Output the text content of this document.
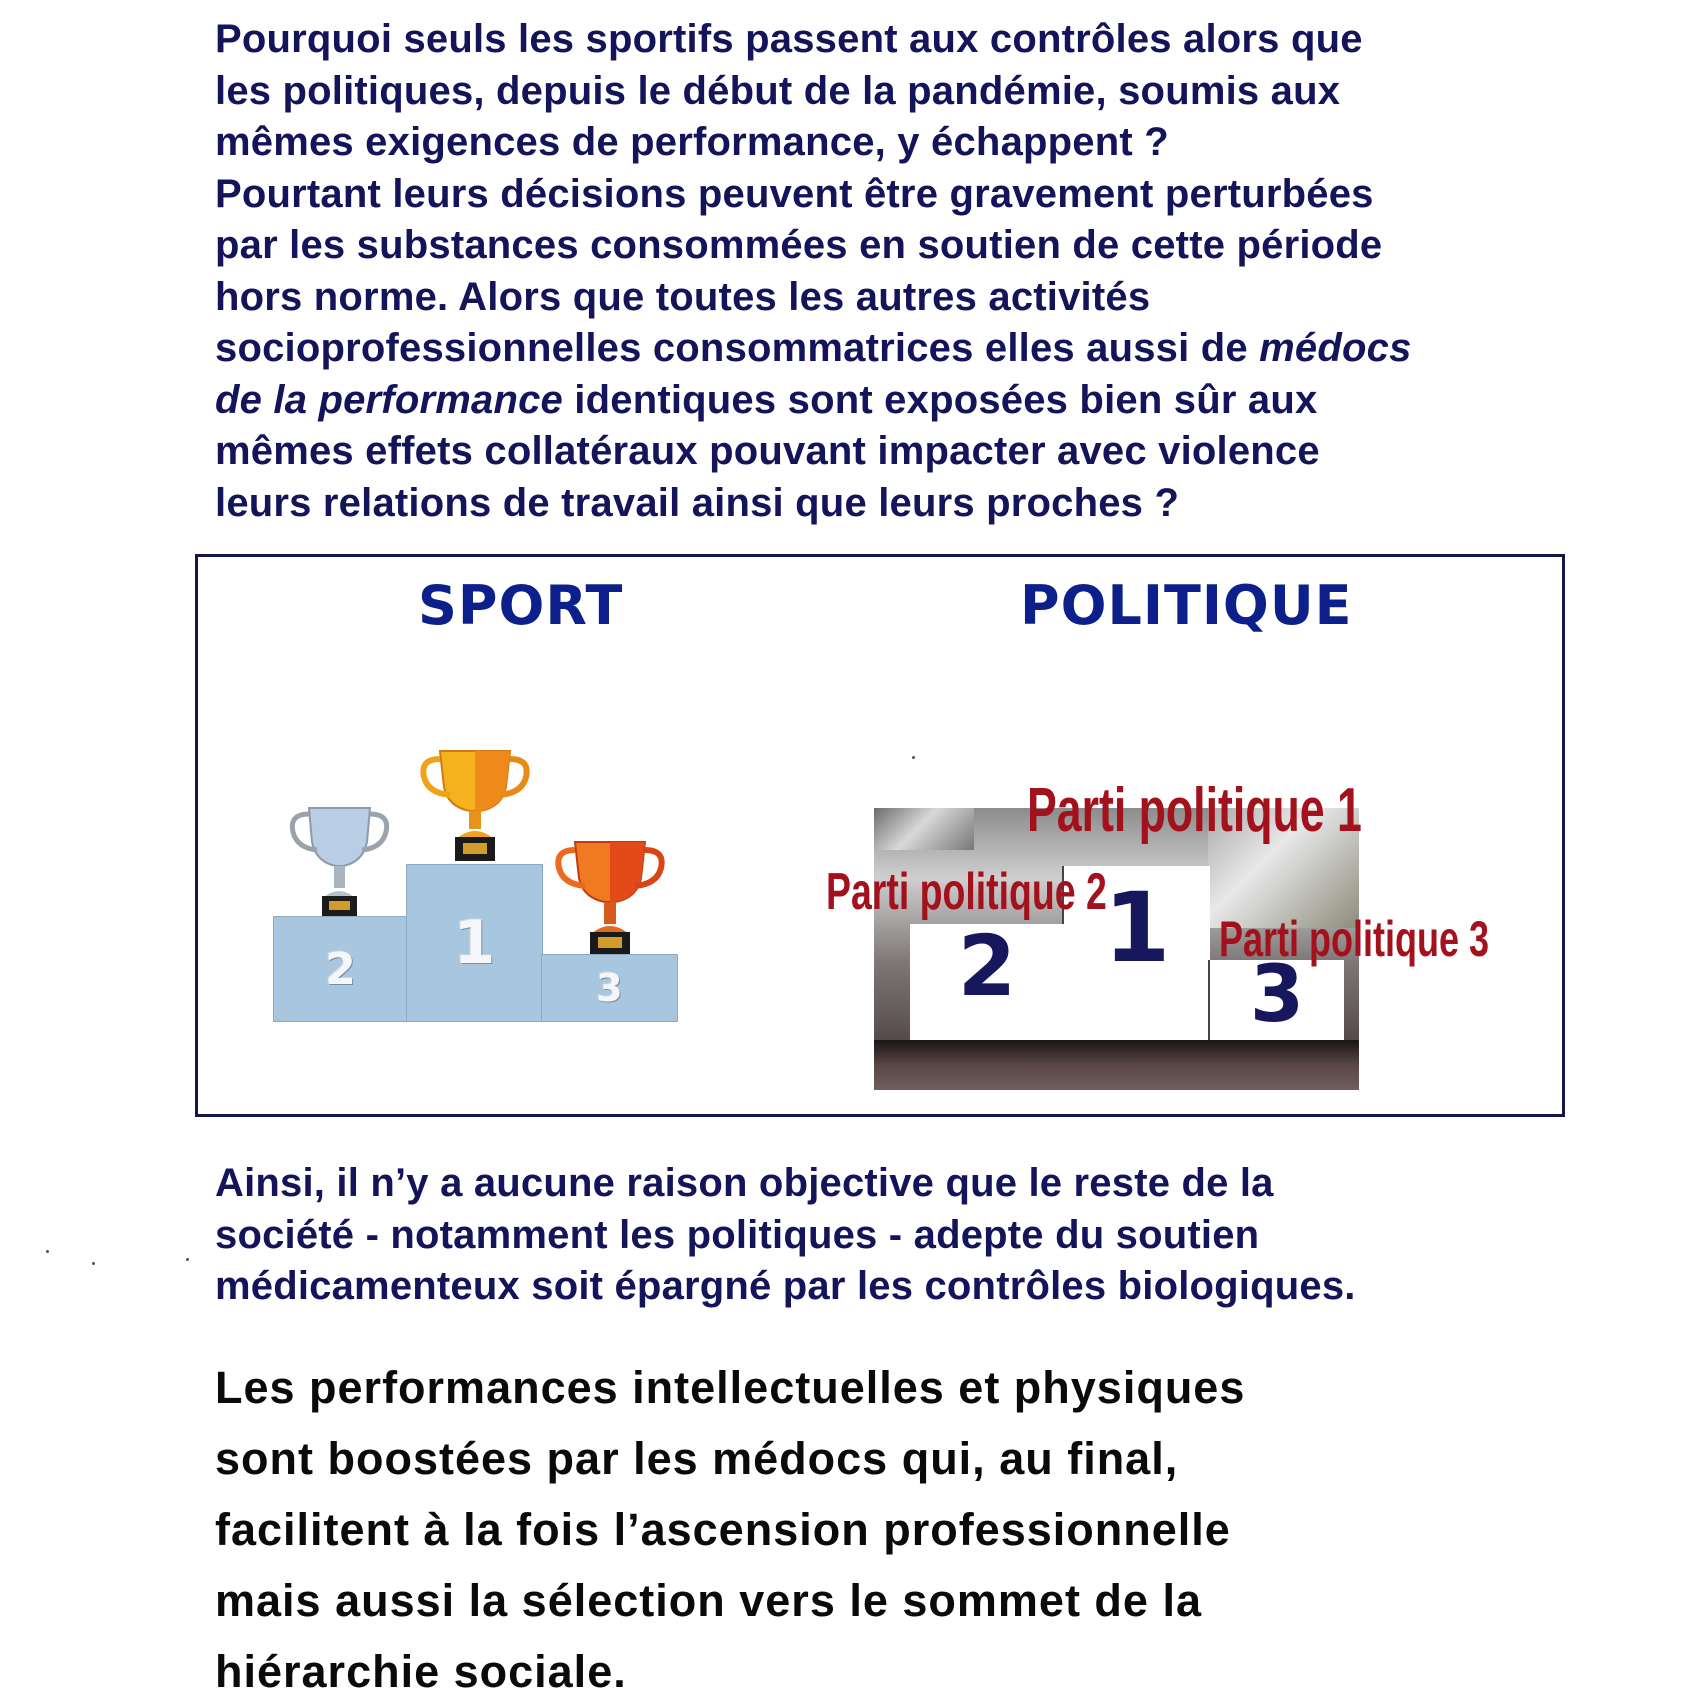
Pourquoi seuls les sportifs passent aux contrôles alors que
les politiques, depuis le début de la pandémie, soumis aux
mêmes exigences de performance, y échappent ?
Pourtant leurs décisions peuvent être gravement perturbées
par les substances consommées en soutien de cette période
hors norme. Alors que toutes les autres activités
socioprofessionnelles consommatrices elles aussi de médocs
de la performance identiques sont exposées bien sûr aux
mêmes effets collatéraux pouvant impacter avec violence
leurs relations de travail ainsi que leurs proches ?
SPORT	POLITIQUE
2 1
3
1
2	3
Parti politique 1
Parti politique 2
Parti politique 3
Ainsi, il n’y a aucune raison objective que le reste de la
société - notamment les politiques - adepte du soutien
médicamenteux soit épargné par les contrôles biologiques.
Les performances intellectuelles et physiques
sont boostées par les médocs qui, au final,
facilitent à la fois l’ascension professionnelle
mais aussi la sélection vers le sommet de la
hiérarchie sociale.
